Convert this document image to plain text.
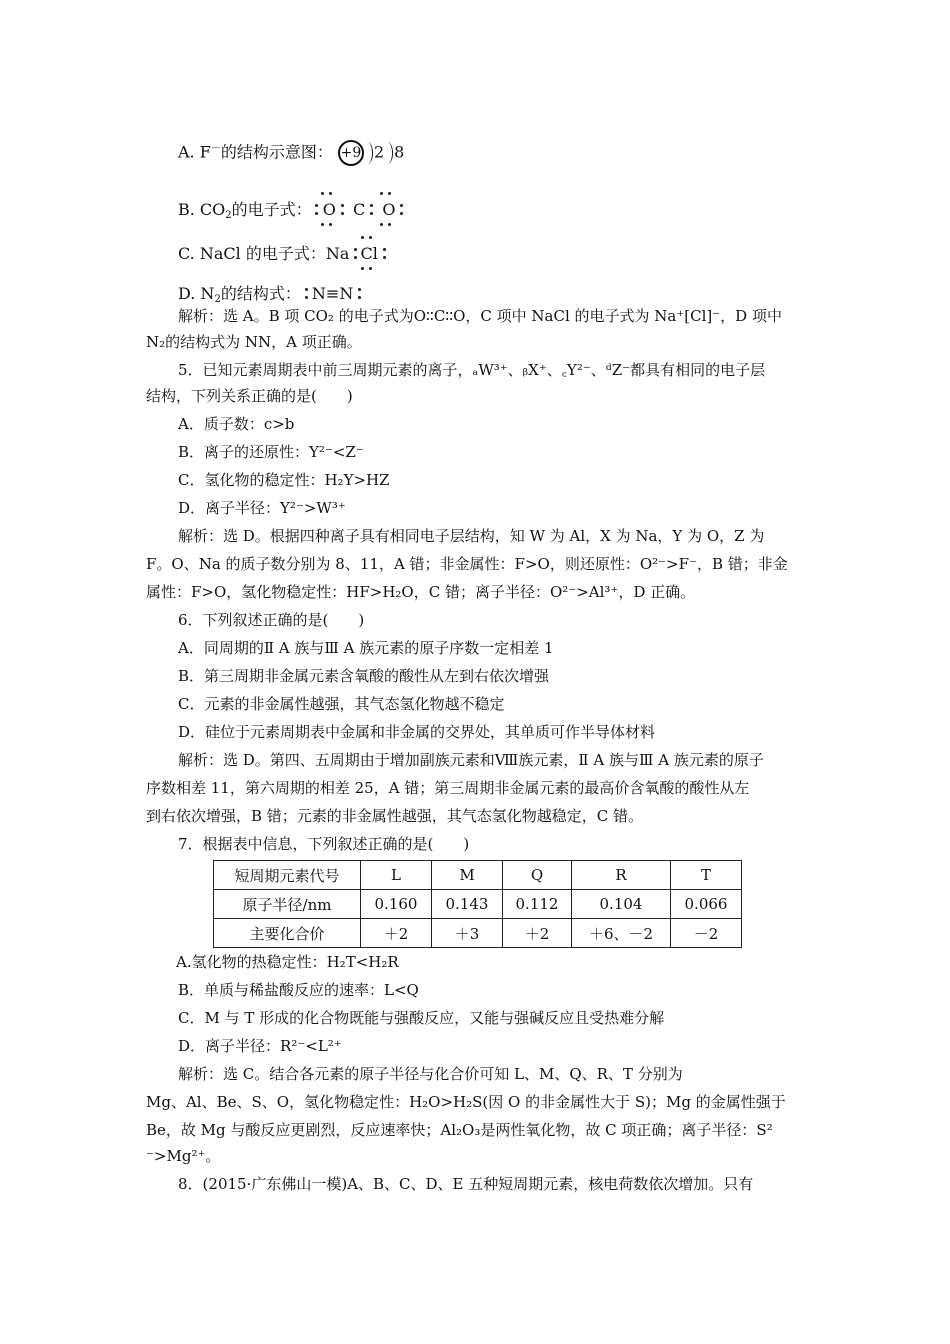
A. F－的结构示意图： +9 2 8
B. $CO_2$的电子式： O
C O
C. NaCl 的电子式：Na Cl
D. $N_2$的结构式： N≡N
解析：选 A。B 项 CO₂ 的电子式为O∶∶C∶∶O，C 项中 NaCl 的电子式为 Na⁺[Cl]⁻，D 项中
N₂的结构式为 NN，A 项正确。
5．已知元素周期表中前三周期元素的离子，ₐW³⁺、ᵦX⁺、꜀Y²⁻、ᵈZ⁻都具有相同的电子层
结构，下列关系正确的是(　　)
A．质子数：c>b
B．离子的还原性：Y²⁻<Z⁻
C．氢化物的稳定性：H₂Y>HZ
D．离子半径：Y²⁻>W³⁺
解析：选 D。根据四种离子具有相同电子层结构，知 W 为 Al，X 为 Na，Y 为 O，Z 为
F。O、Na 的质子数分别为 8、11，A 错；非金属性：F>O，则还原性：O²⁻>F⁻，B 错；非金
属性：F>O，氢化物稳定性：HF>H₂O，C 错；离子半径：O²⁻>Al³⁺，D 正确。
6．下列叙述正确的是(　　)
A．同周期的Ⅱ A 族与Ⅲ A 族元素的原子序数一定相差 1
B．第三周期非金属元素含氧酸的酸性从左到右依次增强
C．元素的非金属性越强，其气态氢化物越不稳定
D．硅位于元素周期表中金属和非金属的交界处，其单质可作半导体材料
解析：选 D。第四、五周期由于增加副族元素和Ⅷ族元素，Ⅱ A 族与Ⅲ A 族元素的原子
序数相差 11，第六周期的相差 25，A 错；第三周期非金属元素的最高价含氧酸的酸性从左
到右依次增强，B 错；元素的非金属性越强，其气态氢化物越稳定，C 错。
7．根据表中信息，下列叙述正确的是(　　)
短周期元素代号	L	M	Q	R	T
原子半径/nm	0.160	0.143	0.112	0.104	0.066
主要化合价	＋2	＋3	＋2	＋6、－2	－2
A.氢化物的热稳定性：H₂T<H₂R
B．单质与稀盐酸反应的速率：L<Q
C．M 与 T 形成的化合物既能与强酸反应，又能与强碱反应且受热难分解
D．离子半径：R²⁻<L²⁺
解析：选 C。结合各元素的原子半径与化合价可知 L、M、Q、R、T 分别为
Mg、Al、Be、S、O，氢化物稳定性：H₂O>H₂S(因 O 的非金属性大于 S)；Mg 的金属性强于
Be，故 Mg 与酸反应更剧烈，反应速率快；Al₂O₃是两性氧化物，故 C 项正确；离子半径：S²
⁻>Mg²⁺。
8．(2015·广东佛山一模)A、B、C、D、E 五种短周期元素，核电荷数依次增加。只有
